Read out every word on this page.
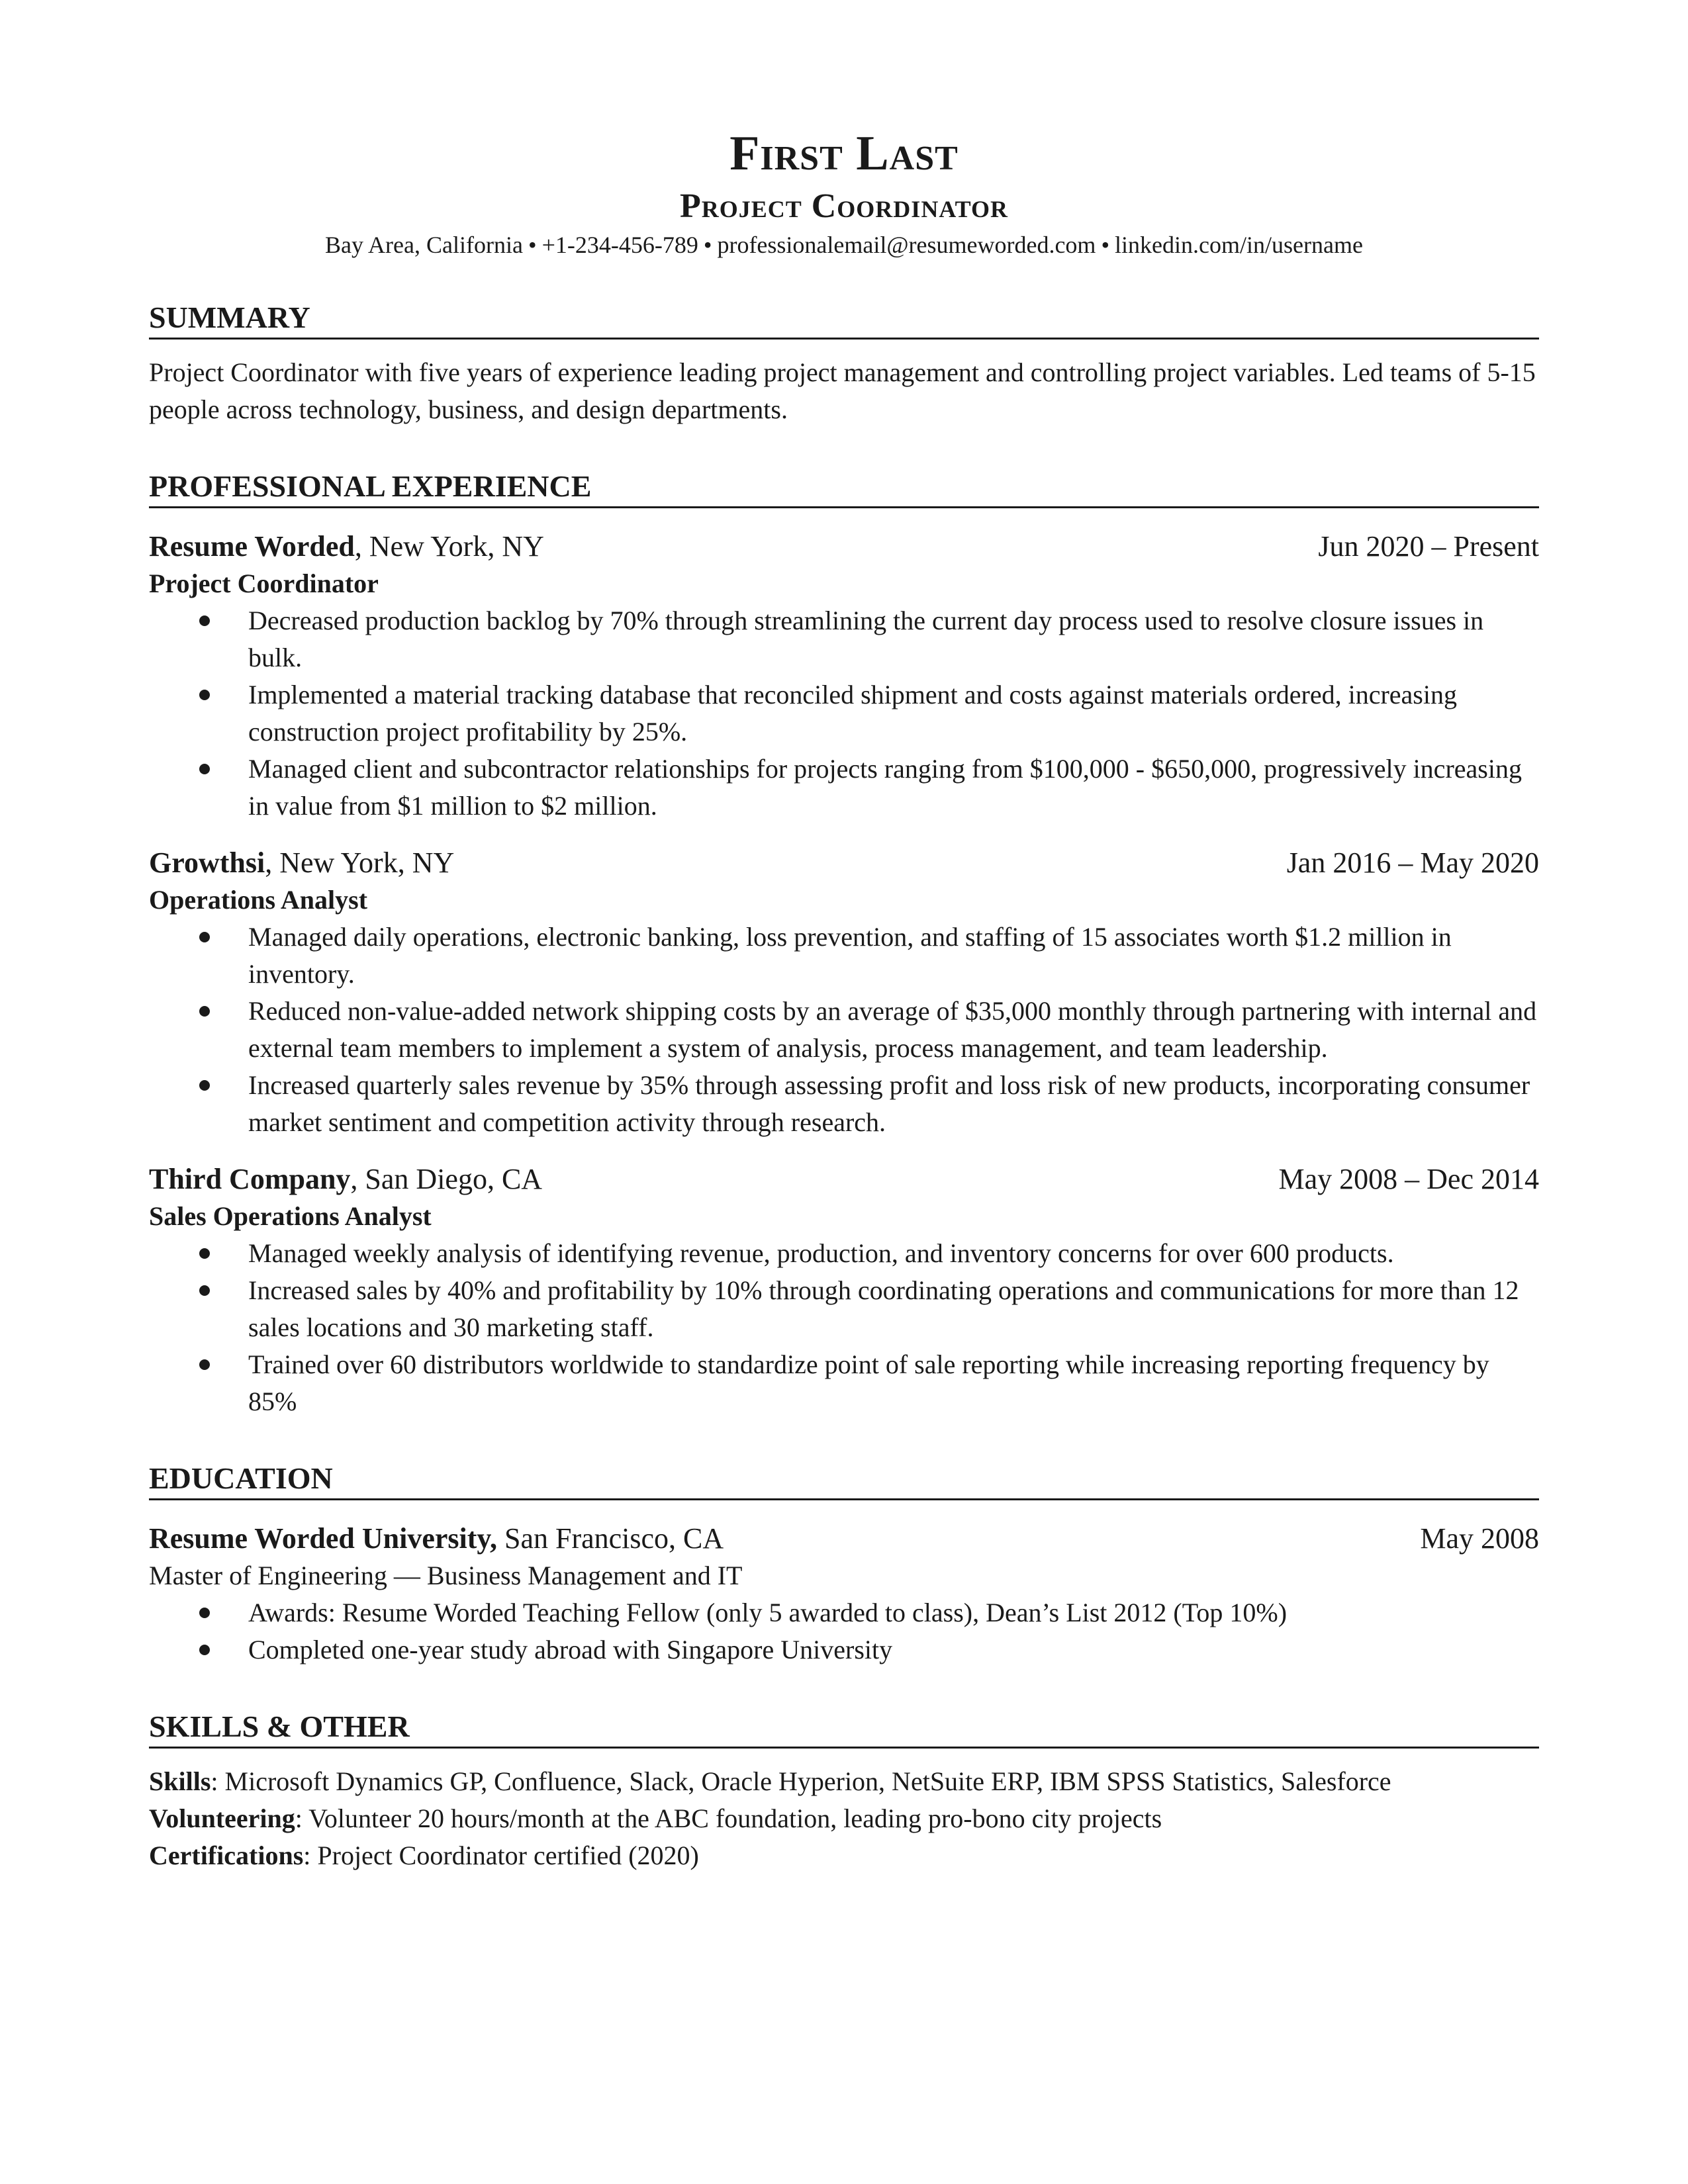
First Last
Project Coordinator
Bay Area, California • +1-234-456-789 • professionalemail@resumeworded.com • linkedin.com/in/username
SUMMARY
Project Coordinator with five years of experience leading project management and controlling project variables. Led teams of 5-15 people across technology, business, and design departments.
PROFESSIONAL EXPERIENCE
Resume Worded, New York, NY	Jun 2020 – Present
Project Coordinator
Decreased production backlog by 70% through streamlining the current day process used to resolve closure issues in bulk.
Implemented a material tracking database that reconciled shipment and costs against materials ordered, increasing construction project profitability by 25%.
Managed client and subcontractor relationships for projects ranging from $100,000 - $650,000, progressively increasing in value from $1 million to $2 million.
Growthsi, New York, NY	Jan 2016 – May 2020
Operations Analyst
Managed daily operations, electronic banking, loss prevention, and staffing of 15 associates worth $1.2 million in inventory.
Reduced non-value-added network shipping costs by an average of $35,000 monthly through partnering with internal and external team members to implement a system of analysis, process management, and team leadership.
Increased quarterly sales revenue by 35% through assessing profit and loss risk of new products, incorporating consumer market sentiment and competition activity through research.
Third Company, San Diego, CA	May 2008 – Dec 2014
Sales Operations Analyst
Managed weekly analysis of identifying revenue, production, and inventory concerns for over 600 products.
Increased sales by 40% and profitability by 10% through coordinating operations and communications for more than 12 sales locations and 30 marketing staff.
Trained over 60 distributors worldwide to standardize point of sale reporting while increasing reporting frequency by 85%
EDUCATION
Resume Worded University, San Francisco, CA	May 2008
Master of Engineering — Business Management and IT
Awards: Resume Worded Teaching Fellow (only 5 awarded to class), Dean’s List 2012 (Top 10%)
Completed one-year study abroad with Singapore University
SKILLS & OTHER
Skills: Microsoft Dynamics GP, Confluence, Slack, Oracle Hyperion, NetSuite ERP, IBM SPSS Statistics, Salesforce
Volunteering: Volunteer 20 hours/month at the ABC foundation, leading pro-bono city projects
Certifications: Project Coordinator certified (2020)
